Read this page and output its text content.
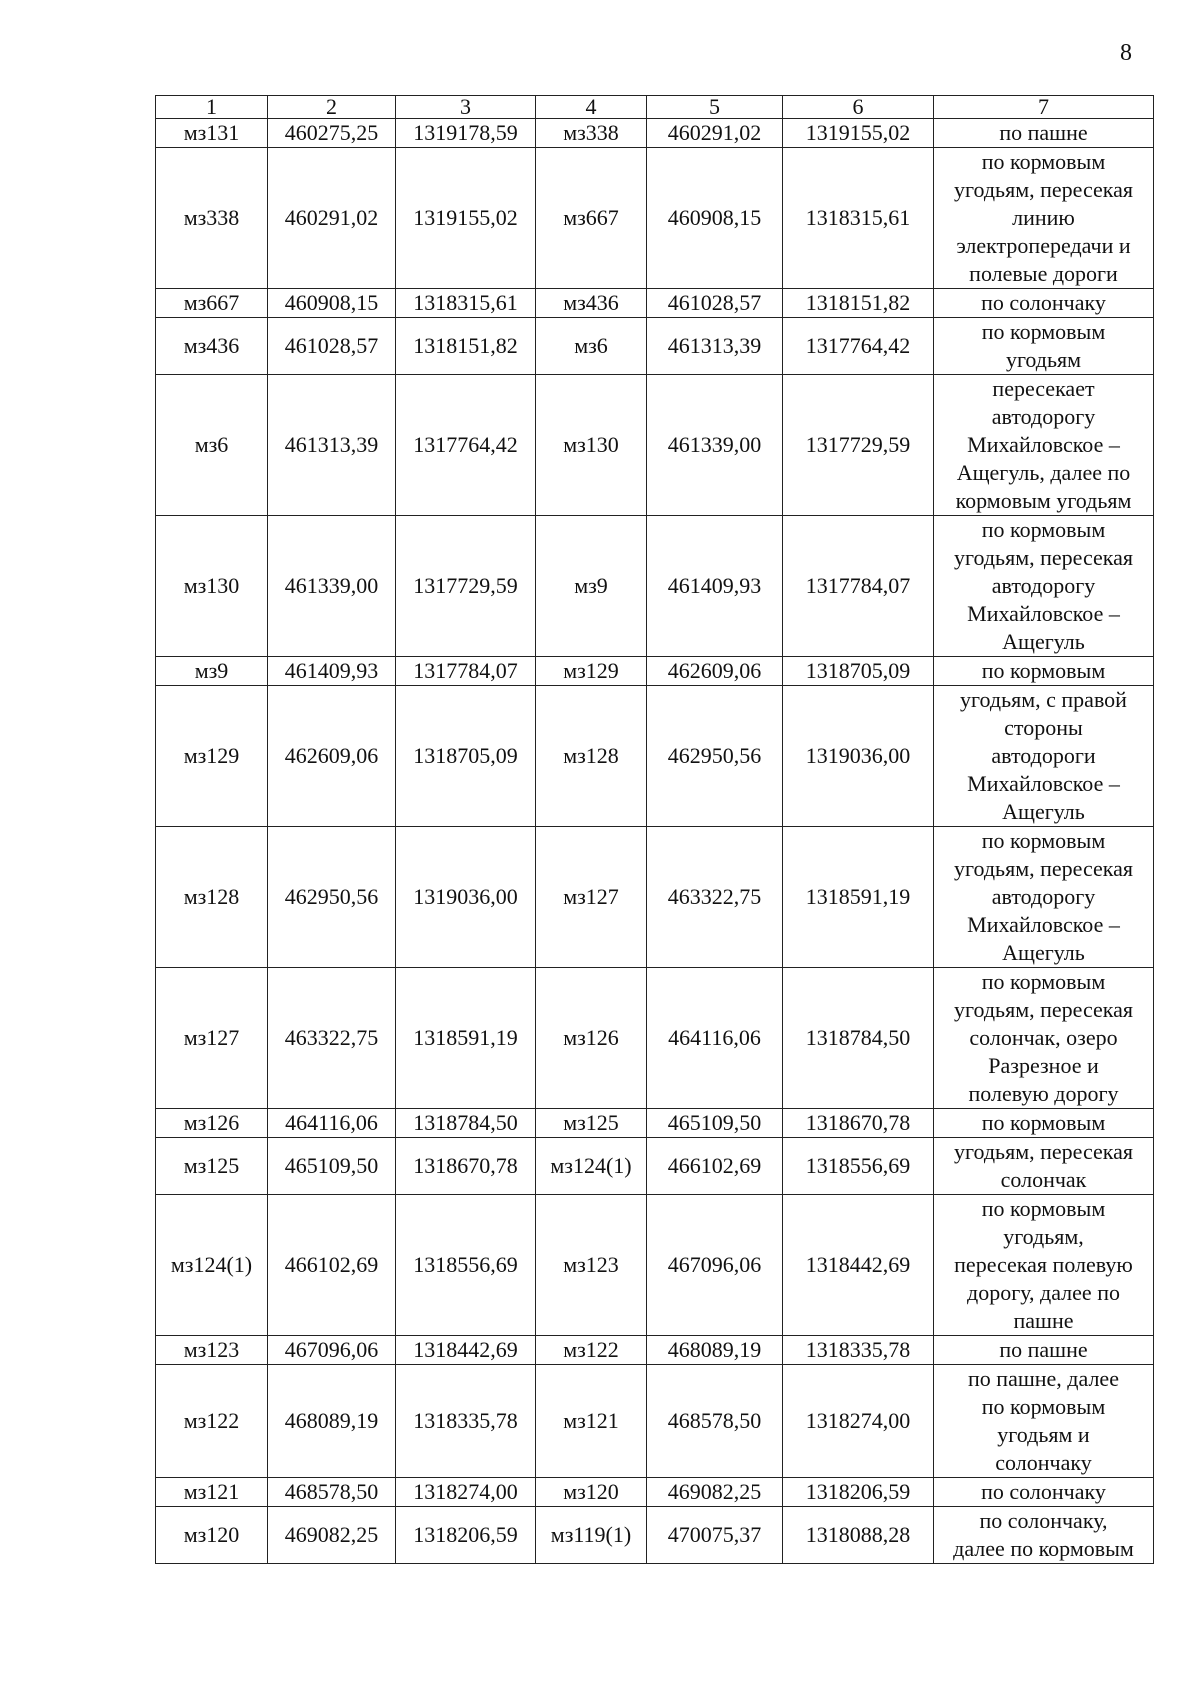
8
1	2	3	4	5	6	7
мз131	460275,25	1319178,59	мз338	460291,02	1319155,02	по пашне
мз338	460291,02	1319155,02	мз667	460908,15	1318315,61	по кормовым
угодьям, пересекая
линию
электропередачи и
полевые дороги
мз667	460908,15	1318315,61	мз436	461028,57	1318151,82	по солончаку
мз436	461028,57	1318151,82	мз6	461313,39	1317764,42	по кормовым
угодьям
мз6	461313,39	1317764,42	мз130	461339,00	1317729,59	пересекает
автодорогу
Михайловское –
Ащегуль, далее по
кормовым угодьям
мз130	461339,00	1317729,59	мз9	461409,93	1317784,07	по кормовым
угодьям, пересекая
автодорогу
Михайловское –
Ащегуль
мз9	461409,93	1317784,07	мз129	462609,06	1318705,09	по кормовым
мз129	462609,06	1318705,09	мз128	462950,56	1319036,00	угодьям, с правой
стороны
автодороги
Михайловское –
Ащегуль
мз128	462950,56	1319036,00	мз127	463322,75	1318591,19	по кормовым
угодьям, пересекая
автодорогу
Михайловское –
Ащегуль
мз127	463322,75	1318591,19	мз126	464116,06	1318784,50	по кормовым
угодьям, пересекая
солончак, озеро
Разрезное и
полевую дорогу
мз126	464116,06	1318784,50	мз125	465109,50	1318670,78	по кормовым
мз125	465109,50	1318670,78	мз124(1)	466102,69	1318556,69	угодьям, пересекая
солончак
мз124(1)	466102,69	1318556,69	мз123	467096,06	1318442,69	по кормовым
угодьям,
пересекая полевую
дорогу, далее по
пашне
мз123	467096,06	1318442,69	мз122	468089,19	1318335,78	по пашне
мз122	468089,19	1318335,78	мз121	468578,50	1318274,00	по пашне, далее
по кормовым
угодьям и
солончаку
мз121	468578,50	1318274,00	мз120	469082,25	1318206,59	по солончаку
мз120	469082,25	1318206,59	мз119(1)	470075,37	1318088,28	по солончаку,
далее по кормовым
